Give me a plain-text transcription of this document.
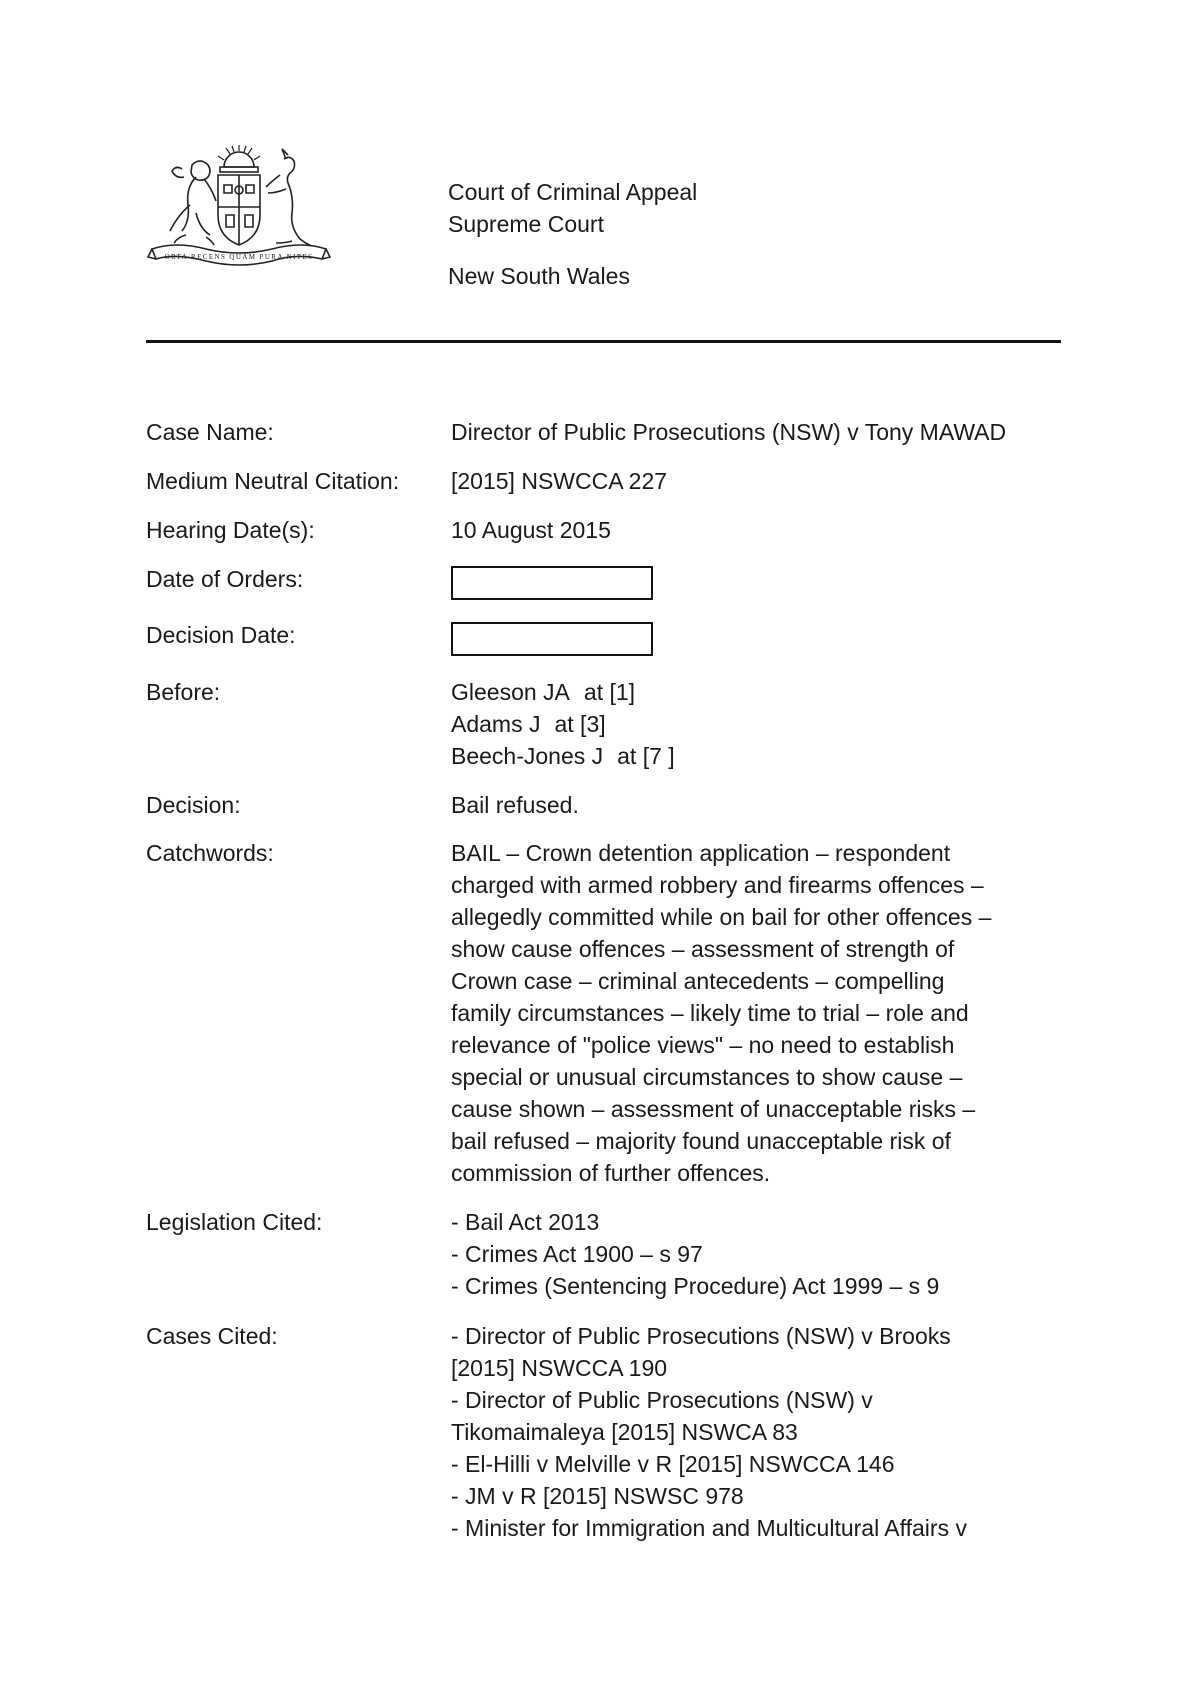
ORTA RECENS QUAM PURA NITES
Court of Criminal Appeal
Supreme Court
New South Wales
Case Name:	Director of Public Prosecutions (NSW) v Tony MAWAD
Medium Neutral Citation:	[2015] NSWCCA 227
Hearing Date(s):	10 August 2015
Date of Orders:
Decision Date:
Before:	Gleeson JA at [1]
Adams J at [3]
Beech-Jones J at [7 ]
Decision:	Bail refused.
Catchwords:	BAIL – Crown detention application – respondent
charged with armed robbery and firearms offences –
allegedly committed while on bail for other offences –
show cause offences – assessment of strength of
Crown case – criminal antecedents – compelling
family circumstances – likely time to trial – role and
relevance of "police views" – no need to establish
special or unusual circumstances to show cause –
cause shown – assessment of unacceptable risks –
bail refused – majority found unacceptable risk of
commission of further offences.
Legislation Cited:	- Bail Act 2013
- Crimes Act 1900 – s 97
- Crimes (Sentencing Procedure) Act 1999 – s 9
Cases Cited:	- Director of Public Prosecutions (NSW) v Brooks
[2015] NSWCCA 190
- Director of Public Prosecutions (NSW) v
Tikomaimaleya [2015] NSWCA 83
- El-Hilli v Melville v R [2015] NSWCCA 146
- JM v R [2015] NSWSC 978
- Minister for Immigration and Multicultural Affairs v
